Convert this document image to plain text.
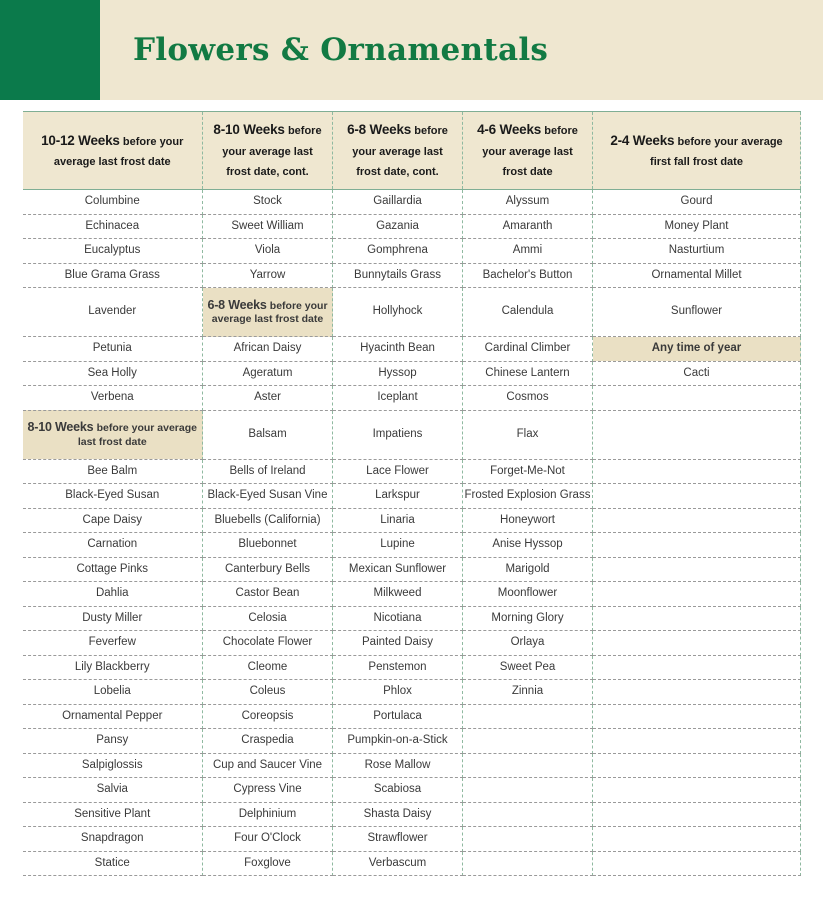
Flowers & Ornamentals
10-12 Weeks before your average last frost date	8-10 Weeks before your average last frost date, cont.	6-8 Weeks before your average last frost date, cont.	4-6 Weeks before your average last frost date	2-4 Weeks before your average first fall frost date

Columbine	Stock	Gaillardia	Alyssum	Gourd
Echinacea	Sweet William	Gazania	Amaranth	Money Plant
Eucalyptus	Viola	Gomphrena	Ammi	Nasturtium
Blue Grama Grass	Yarrow	Bunnytails Grass	Bachelor's Button	Ornamental Millet
Lavender	6-8 Weeks before your average last frost date	Hollyhock	Calendula	Sunflower
Petunia	African Daisy	Hyacinth Bean	Cardinal Climber	Any time of year
Sea Holly	Ageratum	Hyssop	Chinese Lantern	Cacti
Verbena	Aster	Iceplant	Cosmos	
8-10 Weeks before your average last frost date	Balsam	Impatiens	Flax	
Bee Balm	Bells of Ireland	Lace Flower	Forget-Me-Not	
Black-Eyed Susan	Black-Eyed Susan Vine	Larkspur	Frosted Explosion Grass	
Cape Daisy	Bluebells (California)	Linaria	Honeywort	
Carnation	Bluebonnet	Lupine	Anise Hyssop	
Cottage Pinks	Canterbury Bells	Mexican Sunflower	Marigold	
Dahlia	Castor Bean	Milkweed	Moonflower	
Dusty Miller	Celosia	Nicotiana	Morning Glory	
Feverfew	Chocolate Flower	Painted Daisy	Orlaya	
Lily Blackberry	Cleome	Penstemon	Sweet Pea	
Lobelia	Coleus	Phlox	Zinnia	
Ornamental Pepper	Coreopsis	Portulaca		
Pansy	Craspedia	Pumpkin-on-a-Stick		
Salpiglossis	Cup and Saucer Vine	Rose Mallow		
Salvia	Cypress Vine	Scabiosa		
Sensitive Plant	Delphinium	Shasta Daisy		
Snapdragon	Four O'Clock	Strawflower		
Statice	Foxglove	Verbascum		
